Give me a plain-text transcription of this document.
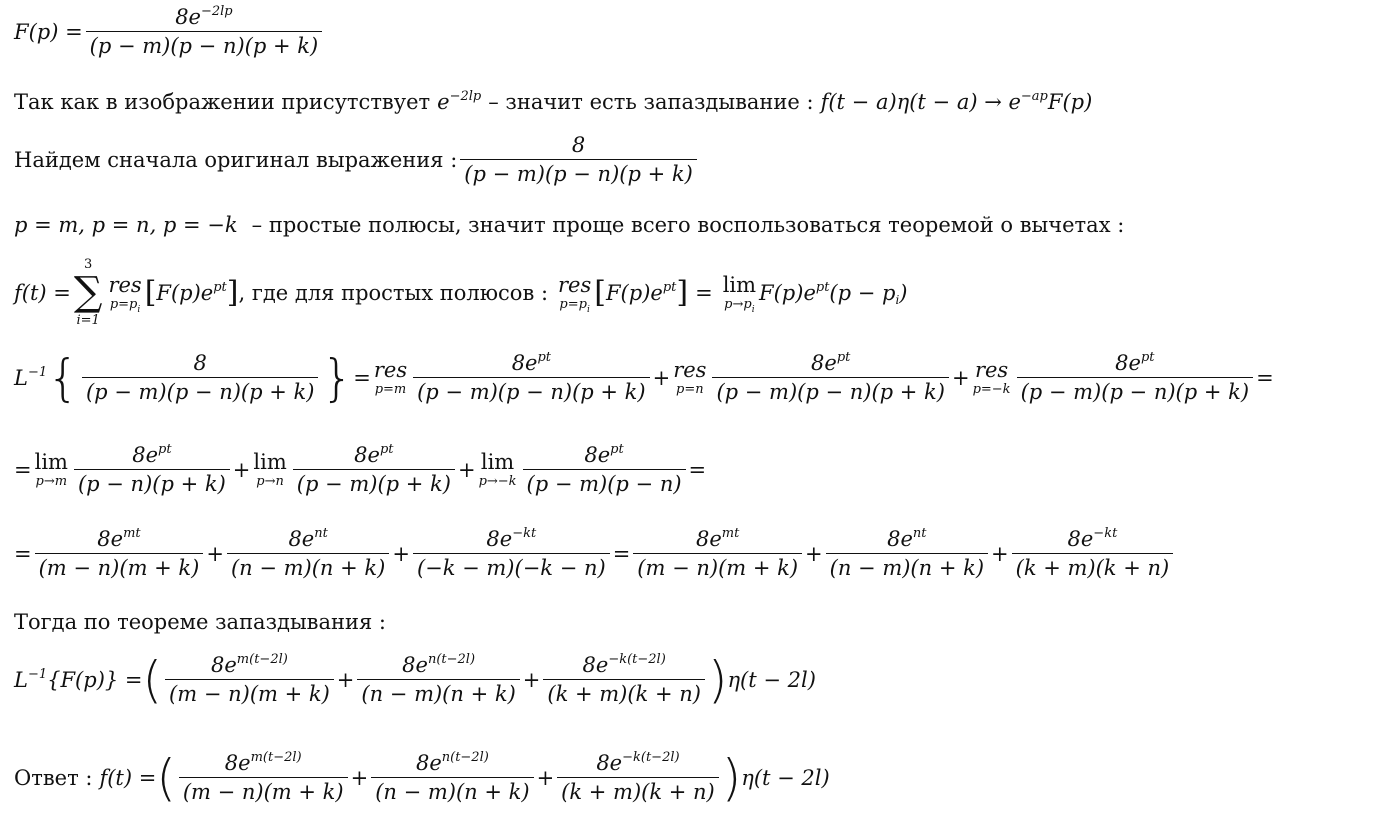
$F(p) = \frac{8e^{-2lp}}{(p - m)(p - n)(p + k)}$
Так как в изображении присутствует $e^{-2lp}$ – значит есть запаздывание : $f(t - a)\eta(t - a) \to e^{-ap}F(p)$
Найдем сначала оригинал выражения : $\frac{8}{(p - m)(p - n)(p + k)}$
p = m, p = n, p = −k – простые полюсы, значит проще всего воспользоваться теоремой о вычетах :
f(t) =
3
∑
i=1
res
$p=p_i$ [ $F(p)e^{pt}$ ] , где для простых полюсов : res
$p=p_i$ [ $F(p)e^{pt}$ ] = lim
$p\to p_i$
$F(p)e^{pt}(p - p_i)$
$L^{-1}$ { $\frac{8}{(p - m)(p - n)(p + k)}$ } = res
$p=m \frac{8e^{pt}}{(p - m)(p - n)(p + k)}$ + res
$p=n \frac{8e^{pt}}{(p - m)(p - n)(p + k)}$ + res
$p=-k \frac{8e^{pt}}{(p - m)(p - n)(p + k)}$ =
= lim
$p\to m \frac{8e^{pt}}{(p - n)(p + k)} + \lim$
$p\to n \frac{8e^{pt}}{(p - m)(p + k)} + \lim$
$p\to-k \frac{8e^{pt}}{(p - m)(p - n)}$ =
= $\frac{8e^{mt}}{(m - n)(m + k)} + \frac{8e^{nt}}{(n - m)(n + k)} + \frac{8e^{-kt}}{(-k - m)(-k - n)} = \frac{8e^{mt}}{(m - n)(m + k)} + \frac{8e^{nt}}{(n - m)(n + k)} + \frac{8e^{-kt}}{(k + m)(k + n)}$
Тогда по теореме запаздывания :
$L^{-1}\{F(p)\}$ = ( $\frac{8e^{m(t-2l)}}{(m - n)(m + k)} + \frac{8e^{n(t-2l)}}{(n - m)(n + k)} + \frac{8e^{-k(t-2l)}}{(k + m)(k + n)}$ ) η(t − 2l)
Ответ : f(t) = ( $\frac{8e^{m(t-2l)}}{(m - n)(m + k)} + \frac{8e^{n(t-2l)}}{(n - m)(n + k)} + \frac{8e^{-k(t-2l)}}{(k + m)(k + n)}$ ) η(t − 2l)
